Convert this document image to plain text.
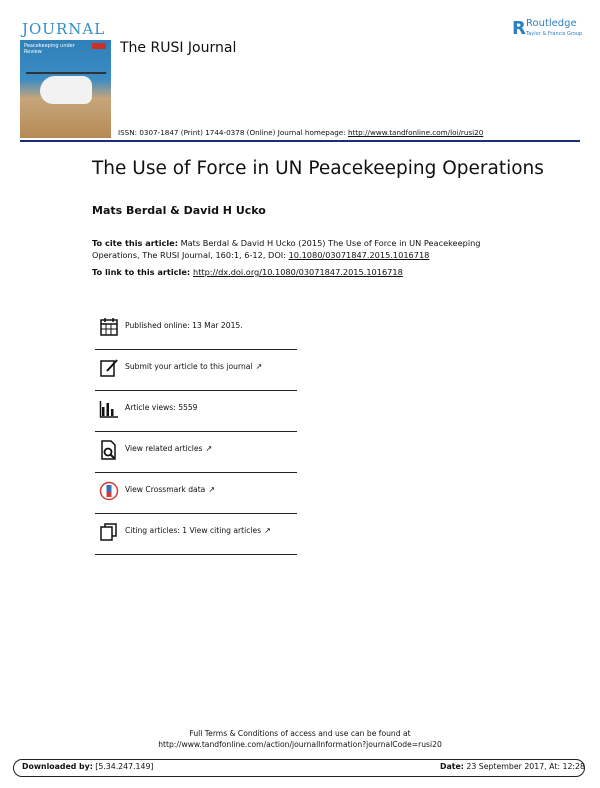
JOURNAL
Peacekeeping under Review	The RUSI Journal
R Routledge
Taylor & Francis Group
ISSN: 0307-1847 (Print) 1744-0378 (Online) Journal homepage: http://www.tandfonline.com/loi/rusi20
The Use of Force in UN Peacekeeping Operations
Mats Berdal & David H Ucko
To cite this article: Mats Berdal & David H Ucko (2015) The Use of Force in UN Peacekeeping
Operations, The RUSI Journal, 160:1, 6-12, DOI: 10.1080/03071847.2015.1016718
To link to this article: http://dx.doi.org/10.1080/03071847.2015.1016718
Published online: 13 Mar 2015.
Submit your article to this journal ↗
Article views: 5559
View related articles ↗
View Crossmark data ↗
Citing articles: 1 View citing articles ↗
Full Terms & Conditions of access and use can be found at
http://www.tandfonline.com/action/journalInformation?journalCode=rusi20
Downloaded by: [5.34.247.149]	Date: 23 September 2017, At: 12:28
